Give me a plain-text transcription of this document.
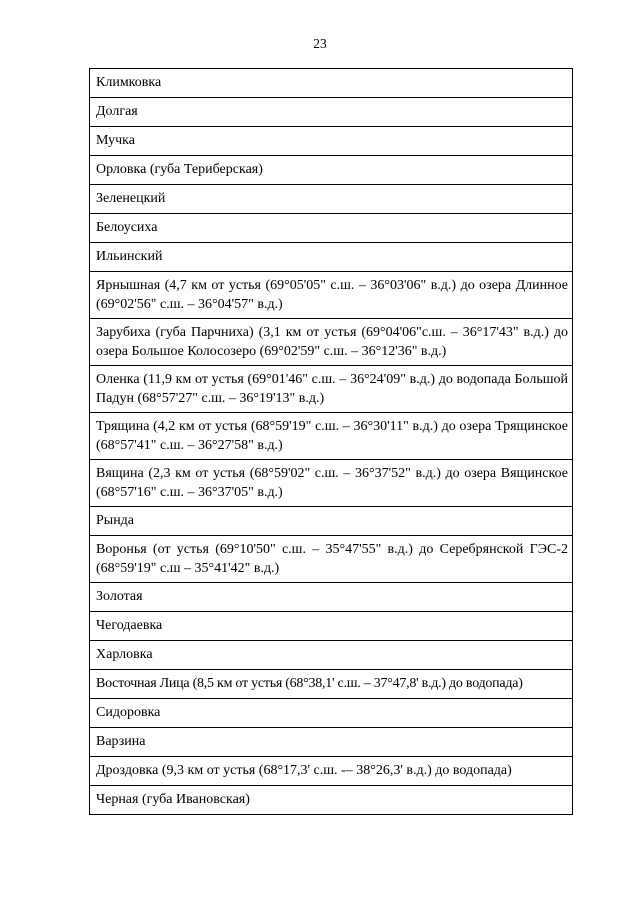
23
Климковка
Долгая
Мучка
Орловка (губа Териберская)
Зеленецкий
Белоусиха
Ильинский
Ярнышная (4,7 км от устья (69°05'05" с.ш. – 36°03'06" в.д.) до озера Длинное (69°02'56" с.ш. – 36°04'57" в.д.)
Зарубиха (губа Парчниха) (3,1 км от устья (69°04'06"с.ш. – 36°17'43" в.д.) до озера Большое Колосозеро (69°02'59" с.ш. – 36°12'36" в.д.)
Оленка (11,9 км от устья (69°01'46" с.ш. – 36°24'09" в.д.) до водопада Большой Падун (68°57'27" с.ш. – 36°19'13" в.д.)
Трящина (4,2 км от устья (68°59'19" с.ш. – 36°30'11" в.д.) до озера Трящинское (68°57'41" с.ш. – 36°27'58" в.д.)
Вящина (2,3 км от устья (68°59'02" с.ш. – 36°37'52" в.д.) до озера Вящинское (68°57'16" с.ш. – 36°37'05" в.д.)
Рында
Воронья (от устья (69°10'50" с.ш. – 35°47'55" в.д.) до Серебрянской ГЭС-2 (68°59'19" с.ш – 35°41'42" в.д.)
Золотая
Чегодаевка
Харловка
Восточная Лица (8,5 км от устья (68°38,1' с.ш. – 37°47,8' в.д.) до водопада)
Сидоровка
Варзина
Дроздовка (9,3 км от устья (68°17,3' с.ш. -– 38°26,3' в.д.) до водопада)
Черная (губа Ивановская)
